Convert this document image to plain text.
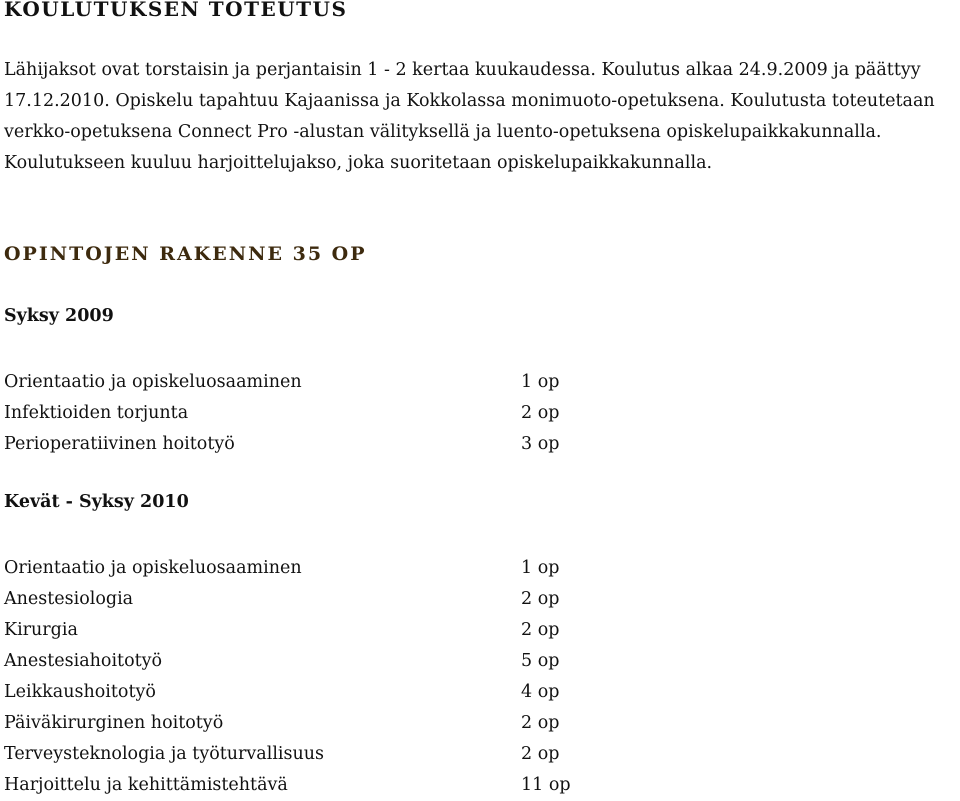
KOULUTUKSEN TOTEUTUS

Lähijaksot ovat torstaisin ja perjantaisin 1 - 2 kertaa kuukaudessa. Koulutus alkaa 24.9.2009 ja päättyy 17.12.2010. Opiskelu tapahtuu Kajaanissa ja Kokkolassa monimuoto-opetuksena. Koulutusta toteutetaan verkko-opetuksena Connect Pro -alustan välityksellä ja luento-opetuksena opiskelupaikkakunnalla. Koulutukseen kuuluu harjoittelujakso, joka suoritetaan opiskelupaikkakunnalla.

OPINTOJEN RAKENNE 35 OP
Syksy 2009
Orientaatio ja opiskeluosaaminen	1 op
Infektioiden torjunta	2 op
Perioperatiivinen hoitotyö	3 op
Kevät - Syksy 2010
Orientaatio ja opiskeluosaaminen	1 op
Anestesiologia	2 op
Kirurgia	2 op
Anestesiahoitotyö	5 op
Leikkaushoitotyö	4 op
Päiväkirurginen hoitotyö	2 op
Terveysteknologia ja työturvallisuus	2 op
Harjoittelu ja kehittämistehtävä	11 op
